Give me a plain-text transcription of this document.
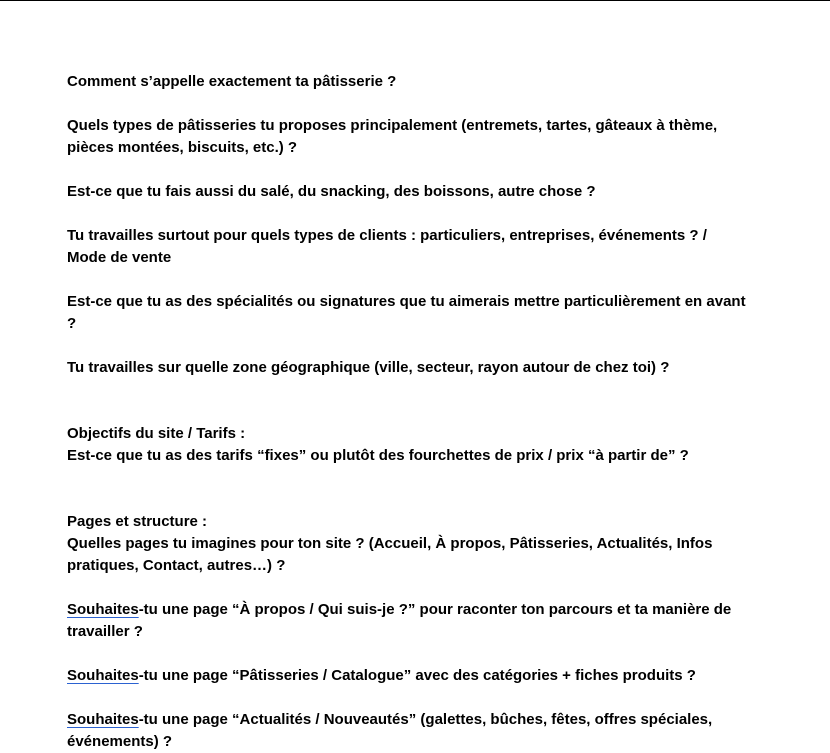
Comment s’appelle exactement ta pâtisserie ?

Quels types de pâtisseries tu proposes principalement (entremets, tartes, gâteaux à thème, pièces montées, biscuits, etc.) ?

Est-ce que tu fais aussi du salé, du snacking, des boissons, autre chose ?

Tu travailles surtout pour quels types de clients : particuliers, entreprises, événements ? / Mode de vente

Est-ce que tu as des spécialités ou signatures que tu aimerais mettre particulièrement en avant ?

Tu travailles sur quelle zone géographique (ville, secteur, rayon autour de chez toi) ?

Objectifs du site / Tarifs :

Est-ce que tu as des tarifs “fixes” ou plutôt des fourchettes de prix / prix “à partir de” ?

Pages et structure :

Quelles pages tu imagines pour ton site ? (Accueil, À propos, Pâtisseries, Actualités, Infos pratiques, Contact, autres…) ?

Souhaites-tu une page “À propos / Qui suis-je ?” pour raconter ton parcours et ta manière de travailler ?

Souhaites-tu une page “Pâtisseries / Catalogue” avec des catégories + fiches produits ?

Souhaites-tu une page “Actualités / Nouveautés” (galettes, bûches, fêtes, offres spéciales, événements) ?
